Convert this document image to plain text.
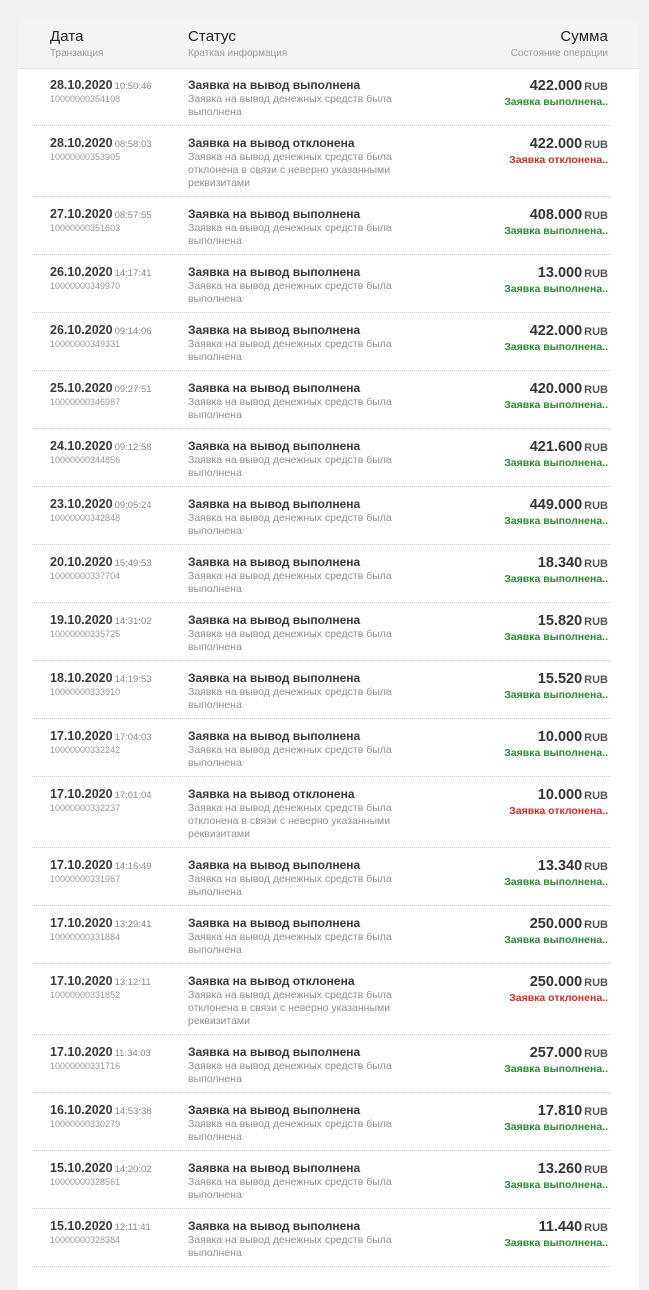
Дата
Транзакция
Статус
Краткая информация
Сумма
Состояние операции
28.10.2020 10:50:46
10000000354108
Заявка на вывод выполнена
Заявка на вывод денежных средств была выполнена
422.000 RUB
Заявка выполнена..
28.10.2020 08:58:03
10000000353905
Заявка на вывод отклонена
Заявка на вывод денежных средств была отклонена в связи с неверно указанными реквизитами
422.000 RUB
Заявка отклонена..
27.10.2020 08:57:55
10000000351603
Заявка на вывод выполнена
Заявка на вывод денежных средств была выполнена
408.000 RUB
Заявка выполнена..
26.10.2020 14:17:41
10000000349970
Заявка на вывод выполнена
Заявка на вывод денежных средств была выполнена
13.000 RUB
Заявка выполнена..
26.10.2020 09:14:06
10000000349331
Заявка на вывод выполнена
Заявка на вывод денежных средств была выполнена
422.000 RUB
Заявка выполнена..
25.10.2020 09:27:51
10000000346987
Заявка на вывод выполнена
Заявка на вывод денежных средств была выполнена
420.000 RUB
Заявка выполнена..
24.10.2020 09:12:58
10000000344856
Заявка на вывод выполнена
Заявка на вывод денежных средств была выполнена
421.600 RUB
Заявка выполнена..
23.10.2020 09:05:24
10000000342848
Заявка на вывод выполнена
Заявка на вывод денежных средств была выполнена
449.000 RUB
Заявка выполнена..
20.10.2020 15:49:53
10000000337704
Заявка на вывод выполнена
Заявка на вывод денежных средств была выполнена
18.340 RUB
Заявка выполнена..
19.10.2020 14:31:02
10000000335725
Заявка на вывод выполнена
Заявка на вывод денежных средств была выполнена
15.820 RUB
Заявка выполнена..
18.10.2020 14:19:53
10000000333910
Заявка на вывод выполнена
Заявка на вывод денежных средств была выполнена
15.520 RUB
Заявка выполнена..
17.10.2020 17:04:03
10000000332242
Заявка на вывод выполнена
Заявка на вывод денежных средств была выполнена
10.000 RUB
Заявка выполнена..
17.10.2020 17:01:04
10000000332237
Заявка на вывод отклонена
Заявка на вывод денежных средств была отклонена в связи с неверно указанными реквизитами
10.000 RUB
Заявка отклонена..
17.10.2020 14:16:49
10000000331967
Заявка на вывод выполнена
Заявка на вывод денежных средств была выполнена
13.340 RUB
Заявка выполнена..
17.10.2020 13:29:41
10000000331884
Заявка на вывод выполнена
Заявка на вывод денежных средств была выполнена
250.000 RUB
Заявка выполнена..
17.10.2020 13:12:11
10000000331852
Заявка на вывод отклонена
Заявка на вывод денежных средств была отклонена в связи с неверно указанными реквизитами
250.000 RUB
Заявка отклонена..
17.10.2020 11:34:03
10000000331716
Заявка на вывод выполнена
Заявка на вывод денежных средств была выполнена
257.000 RUB
Заявка выполнена..
16.10.2020 14:53:38
10000000330279
Заявка на вывод выполнена
Заявка на вывод денежных средств была выполнена
17.810 RUB
Заявка выполнена..
15.10.2020 14:20:02
10000000328561
Заявка на вывод выполнена
Заявка на вывод денежных средств была выполнена
13.260 RUB
Заявка выполнена..
15.10.2020 12:11:41
10000000328384
Заявка на вывод выполнена
Заявка на вывод денежных средств была выполнена
11.440 RUB
Заявка выполнена..
